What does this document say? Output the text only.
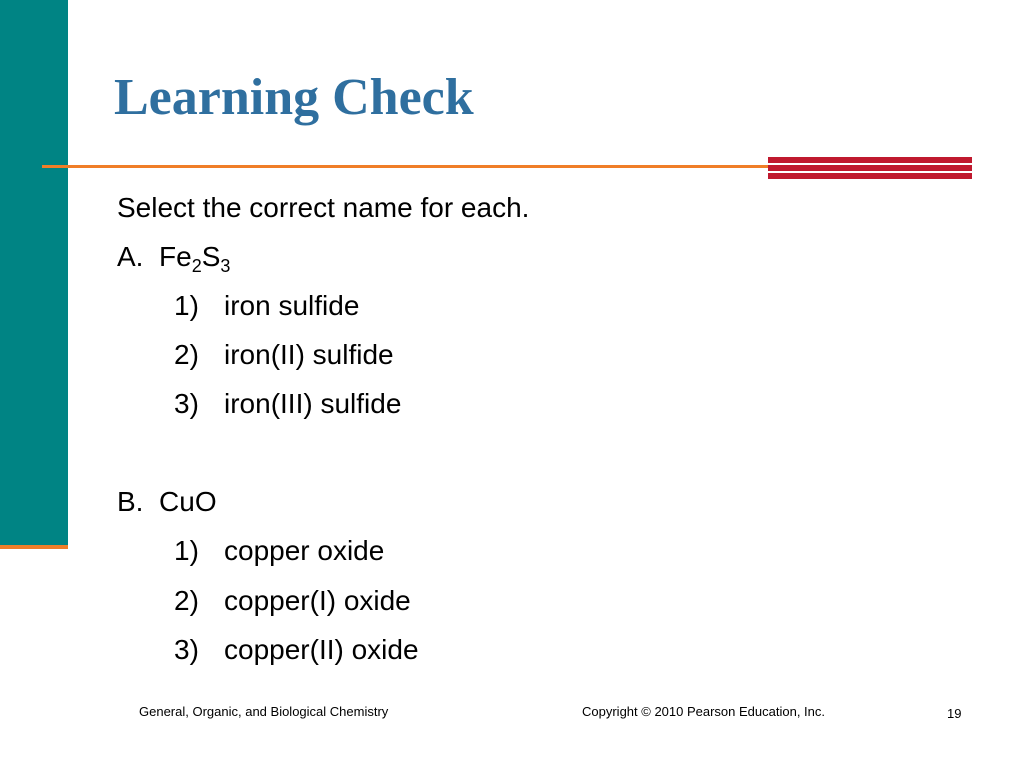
Learning Check
Select the correct name for each.
A. $Fe_2S_3$
1) iron sulfide
2) iron(II) sulfide
3) iron(III) sulfide
B. CuO
1) copper oxide
2) copper(I) oxide
3) copper(II) oxide
General, Organic, and Biological Chemistry	Copyright © 2010 Pearson Education, Inc.	19
